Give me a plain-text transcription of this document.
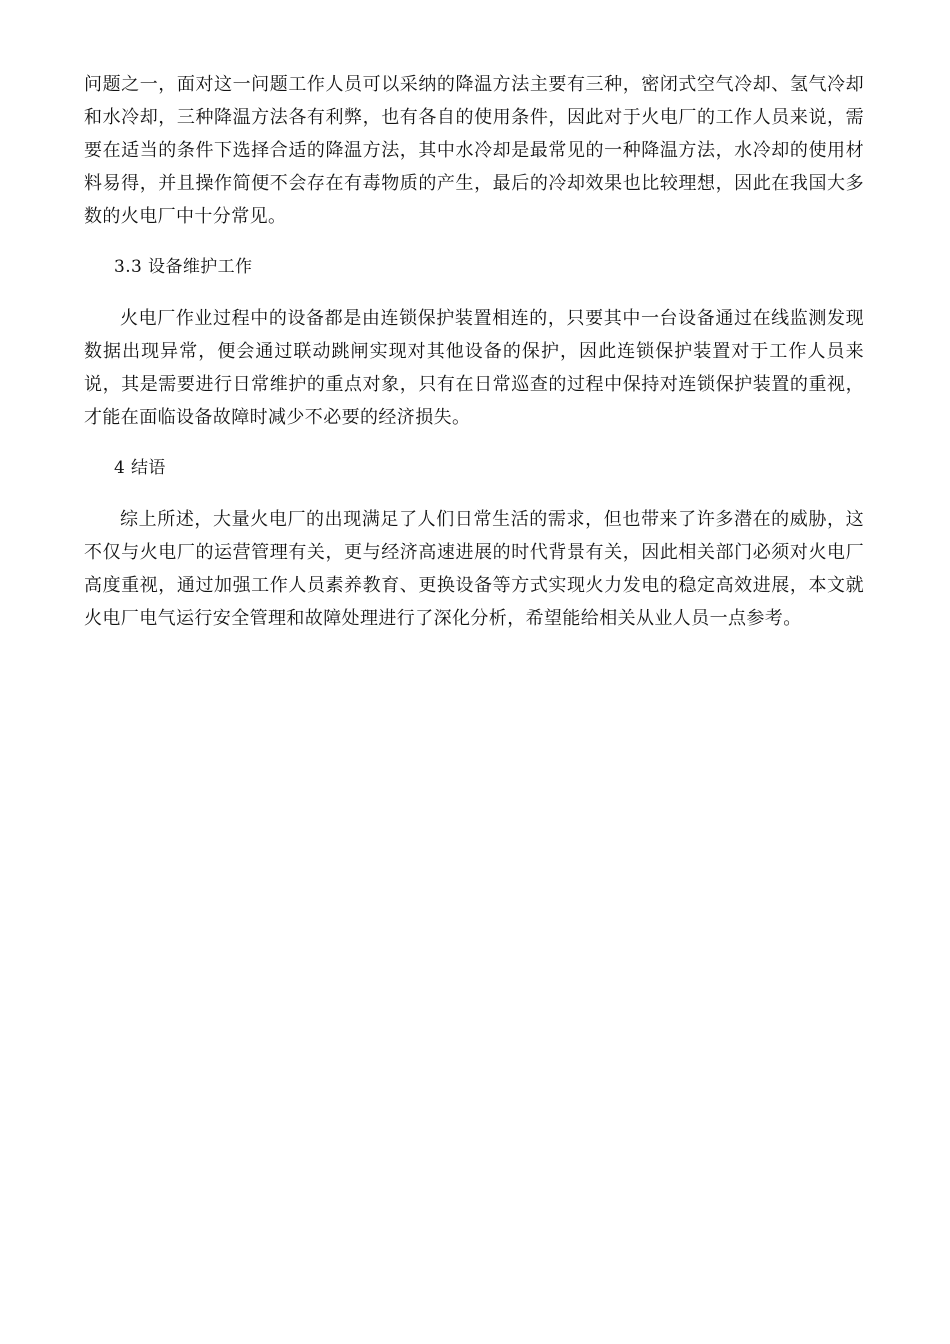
问题之一，面对这一问题工作人员可以采纳的降温方法主要有三种，密闭式空气冷却、氢气冷却和水冷却，三种降温方法各有利弊，也有各自的使用条件，因此对于火电厂的工作人员来说，需要在适当的条件下选择合适的降温方法，其中水冷却是最常见的一种降温方法，水冷却的使用材料易得，并且操作简便不会存在有毒物质的产生，最后的冷却效果也比较理想，因此在我国大多数的火电厂中十分常见。

3.3 设备维护工作

火电厂作业过程中的设备都是由连锁保护装置相连的，只要其中一台设备通过在线监测发现数据出现异常，便会通过联动跳闸实现对其他设备的保护，因此连锁保护装置对于工作人员来说，其是需要进行日常维护的重点对象，只有在日常巡查的过程中保持对连锁保护装置的重视，才能在面临设备故障时减少不必要的经济损失。

4 结语

综上所述，大量火电厂的出现满足了人们日常生活的需求，但也带来了许多潜在的威胁，这不仅与火电厂的运营管理有关，更与经济高速进展的时代背景有关，因此相关部门必须对火电厂高度重视，通过加强工作人员素养教育、更换设备等方式实现火力发电的稳定高效进展，本文就火电厂电气运行安全管理和故障处理进行了深化分析，希望能给相关从业人员一点参考。
